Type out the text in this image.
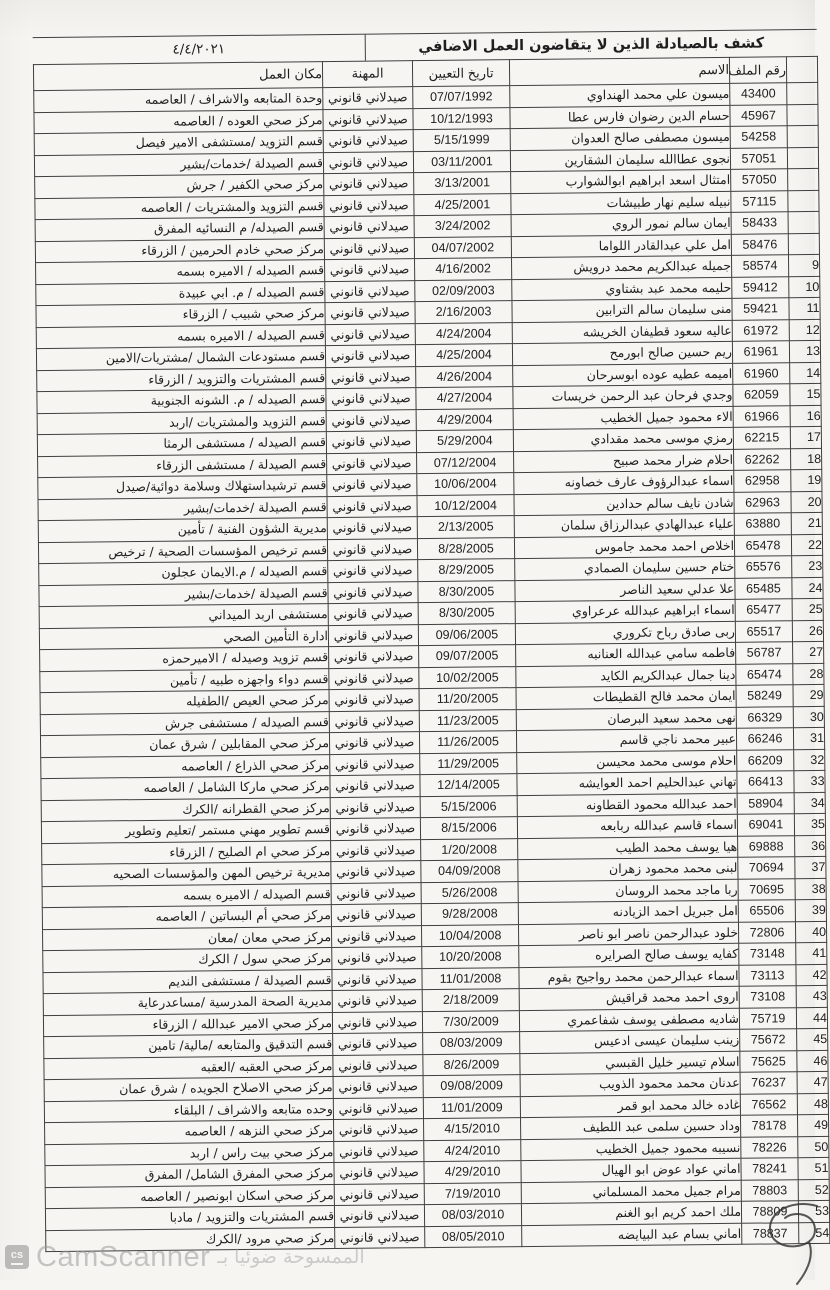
كشف بالصيادلة الذين لا يتقاضون العمل الاضافي
٤/٤/٢٠٢١
	رقم الملف	الاسم	تاريخ التعيين	المهنة	مكان العمل
	43400	ميسون علي محمد الهنداوي	07/07/1992	صيدلاني قانوني	وحدة المتابعه والاشراف / العاصمه
	45967	حسام الدين رضوان فارس عطا	10/12/1993	صيدلاني قانوني	مركز صحي العوده / العاصمه
	54258	ميسون مصطفى صالح العدوان	5/15/1999	صيدلاني قانوني	قسم التزويد /مستشفى الامير فيصل
	57051	نجوى عطاالله سليمان الشقارين	03/11/2001	صيدلاني قانوني	قسم الصيدلة /خدمات/بشير
	57050	امتثال اسعد ابراهيم ابوالشوارب	3/13/2001	صيدلاني قانوني	مركز صحي الكفير / جرش
	57115	نبيله سليم نهار طبيشات	4/25/2001	صيدلاني قانوني	قسم التزويد والمشتريات / العاصمه
	58433	ايمان سالم نمور الروي	3/24/2002	صيدلاني قانوني	قسم الصيدله/ م النسائيه المفرق
	58476	امل علي عبدالقادر اللواما	04/07/2002	صيدلاني قانوني	مركز صحي خادم الحرمين / الزرقاء
9	58574	جميله عبدالكريم محمد درويش	4/16/2002	صيدلاني قانوني	قسم الصيدله / الاميره بسمه
10	59412	حليمه محمد عبد بشتاوي	02/09/2003	صيدلاني قانوني	قسم الصيدله / م. ابي عبيدة
11	59421	منى سليمان سالم الترابين	2/16/2003	صيدلاني قانوني	مركز صحي شبيب / الزرقاء
12	61972	عاليه سعود قطيفان الخريشه	4/24/2004	صيدلاني قانوني	قسم الصيدله / الاميره بسمه
13	61961	ريم حسين صالح ابورمح	4/25/2004	صيدلاني قانوني	قسم مستودعات الشمال /مشتريات/الامين
14	61960	اميمه عطيه عوده ابوسرحان	4/26/2004	صيدلاني قانوني	قسم المشتريات والتزويد / الزرقاء
15	62059	وجدي فرحان عبد الرحمن خريسات	4/27/2004	صيدلاني قانوني	قسم الصيدله / م. الشونه الجنوبية
16	61966	الاء محمود جميل الخطيب	4/29/2004	صيدلاني قانوني	قسم التزويد والمشتريات /اربد
17	62215	رمزي موسى محمد مقدادي	5/29/2004	صيدلاني قانوني	قسم الصيدله / مستشفى الرمثا
18	62262	احلام ضرار محمد صبيح	07/12/2004	صيدلاني قانوني	قسم الصيدلة / مستشفى الزرقاء
19	62958	اسماء عبدالرؤوف عارف خصاونه	10/06/2004	صيدلاني قانوني	قسم ترشيداستهلاك وسلامة دوائية/صيدل
20	62963	شادن نايف سالم حدادين	10/12/2004	صيدلاني قانوني	قسم الصيدلة /خدمات/بشير
21	63880	علياء عبدالهادي عبدالرزاق سلمان	2/13/2005	صيدلاني قانوني	مديرية الشؤون الفنية / تأمين
22	65478	اخلاص احمد محمد جاموس	8/28/2005	صيدلاني قانوني	قسم ترخيص المؤسسات الصحية / ترخيص
23	65576	ختام حسين سليمان الصمادي	8/29/2005	صيدلاني قانوني	قسم الصيدله / م.الايمان عجلون
24	65485	علا عدلي سعيد الناصر	8/30/2005	صيدلاني قانوني	قسم الصيدلة /خدمات/بشير
25	65477	اسماء ابراهيم عبدالله عرعراوي	8/30/2005	صيدلاني قانوني	مستشفى اربد الميداني
26	65517	ربى صادق رباح تكروري	09/06/2005	صيدلاني قانوني	ادارة التأمين الصحي
27	56787	فاطمه سامي عبدالله العنانبه	09/07/2005	صيدلاني قانوني	قسم تزويد وصيدله / الاميرحمزه
28	65474	دينا جمال عبدالكريم الكايد	10/02/2005	صيدلاني قانوني	قسم دواء واجهزه طبيه / تأمين
29	58249	ايمان محمد فالح القطيطات	11/20/2005	صيدلاني قانوني	مركز صحي العيص /الطفيله
30	66329	نهى محمد سعيد البرصان	11/23/2005	صيدلاني قانوني	قسم الصيدله / مستشفى جرش
31	66246	عبير محمد ناجي قاسم	11/26/2005	صيدلاني قانوني	مركز صحي المقابلين / شرق عمان
32	66209	احلام موسى محمد محيسن	11/29/2005	صيدلاني قانوني	مركز صحي الذراع / العاصمه
33	66413	تهاني عبدالحليم احمد العوايشه	12/14/2005	صيدلاني قانوني	مركز صحي ماركا الشامل / العاصمه
34	58904	احمد عبدالله محمود القطاونه	5/15/2006	صيدلاني قانوني	مركز صحي القطرانه /الكرك
35	69041	اسماء قاسم عبدالله ربابعه	8/15/2006	صيدلاني قانوني	قسم تطوير مهني مستمر /تعليم وتطوير
36	69888	هيا يوسف محمد الطيب	1/20/2008	صيدلاني قانوني	مركز صحي ام الصليح / الزرقاء
37	70694	لبنى محمد محمود زهران	04/09/2008	صيدلاني قانوني	مديرية ترخيص المهن والمؤسسات الصحيه
38	70695	ربا ماجد محمد الروسان	5/26/2008	صيدلاني قانوني	قسم الصيدله / الاميره بسمه
39	65506	امل جبريل احمد الزيادنه	9/28/2008	صيدلاني قانوني	مركز صحي أم البساتين / العاصمه
40	72806	خلود عبدالرحمن ناصر ابو ناصر	10/04/2008	صيدلاني قانوني	مركز صحي معان /معان
41	73148	كفايه يوسف صالح الصرايره	10/20/2008	صيدلاني قانوني	مركز صحي سول / الكرك
42	73113	اسماء عبدالرحمن محمد رواجيح بقوم	11/01/2008	صيدلاني قانوني	قسم الصيدلة / مستشفى النديم
43	73108	اروى احمد محمد قراقيش	2/18/2009	صيدلاني قانوني	مديرية الصحة المدرسية /مساعدرعاية
44	75719	شاديه مصطفى يوسف شفاعمري	7/30/2009	صيدلاني قانوني	مركز صحي الامير عبدالله / الزرقاء
45	75672	زينب سليمان عيسى ادعيس	08/03/2009	صيدلاني قانوني	قسم التدقيق والمتابعه /مالية/ تامين
46	75625	اسلام تيسير خليل القبسي	8/26/2009	صيدلاني قانوني	مركز صحي العقبه /العقبه
47	76237	عدنان محمد محمود الذويب	09/08/2009	صيدلاني قانوني	مركز صحي الاصلاح الجويده / شرق عمان
48	76562	غاده خالد محمد ابو قمر	11/01/2009	صيدلاني قانوني	وحده متابعه والاشراف / البلقاء
49	78178	وداد حسين سلمى عبد اللطيف	4/15/2010	صيدلاني قانوني	مركز صحي النزهه / العاصمه
50	78226	نسيبه محمود جميل الخطيب	4/24/2010	صيدلاني قانوني	مركز صحي بيت راس / اربد
51	78241	اماني عواد عوض ابو الهيال	4/29/2010	صيدلاني قانوني	مركز صحي المفرق الشامل/ المفرق
52	78803	مرام جميل محمد المسلماني	7/19/2010	صيدلاني قانوني	مركز صحي اسكان ابونصير / العاصمه
53	78809	ملك احمد كريم ابو الغنم	08/03/2010	صيدلاني قانوني	قسم المشتريات والتزويد / مادبا
54	78837	اماني بسام عبد البيايضه	08/05/2010	صيدلاني قانوني	مركز صحي مرود /الكرك
cs CamScanner الممسوحة ضوئيا بـ
